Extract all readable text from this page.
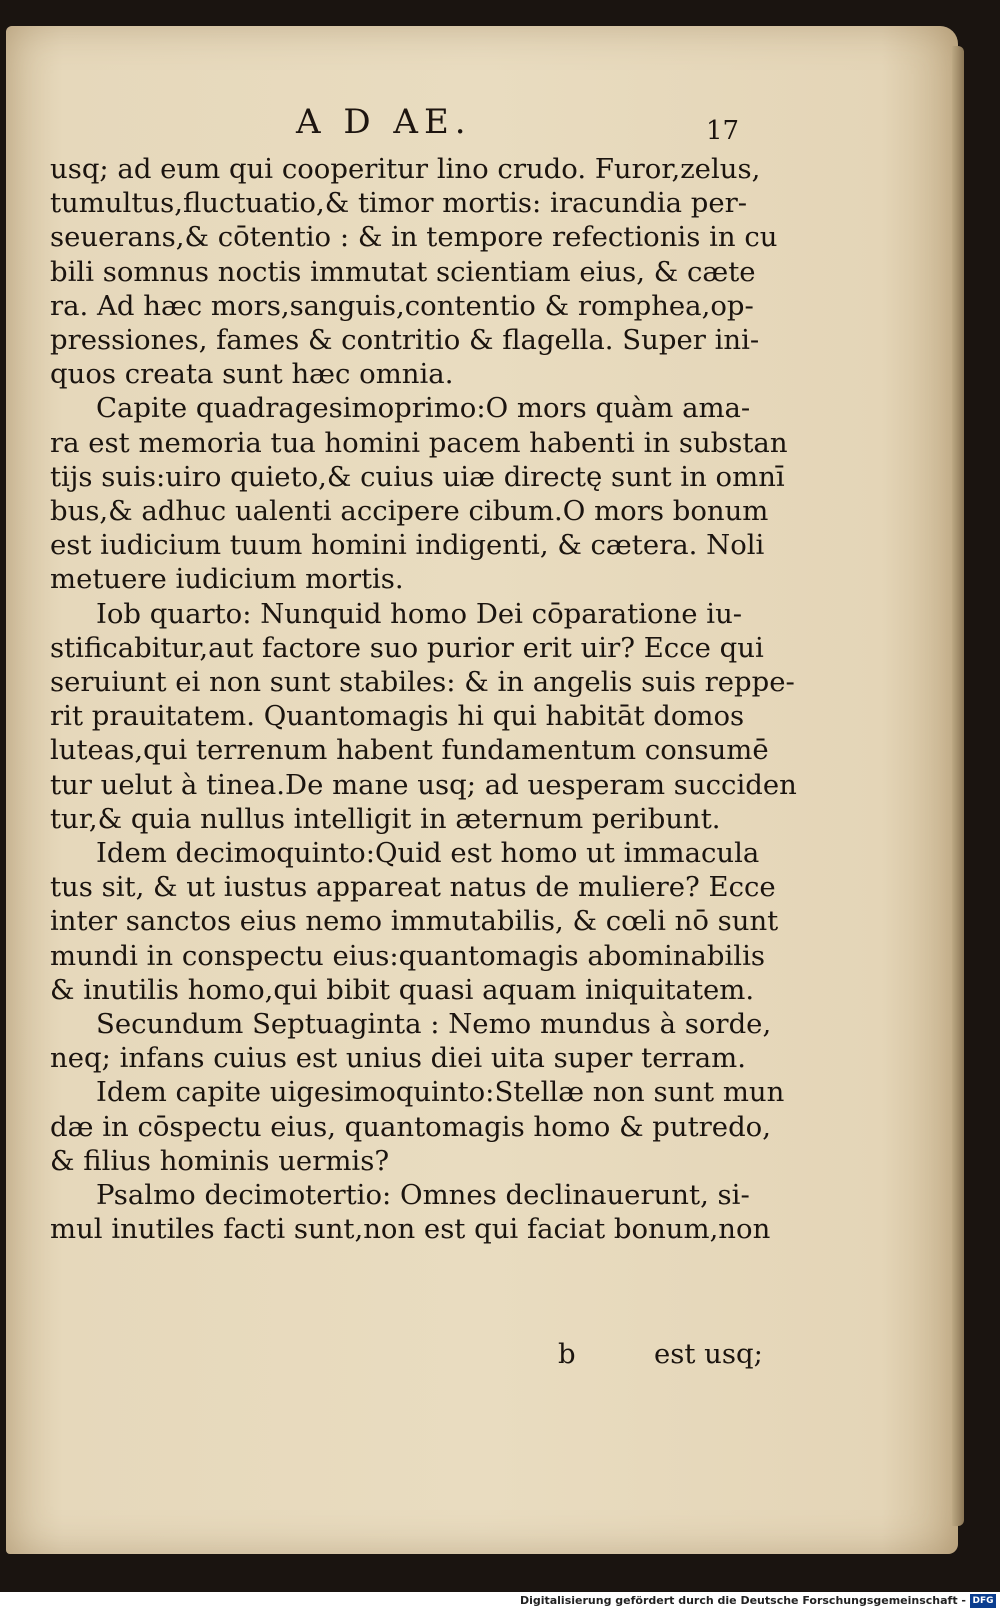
A D AE.	17
usq; ad eum qui cooperitur lino crudo. Furor,zelus,
tumultus,fluctuatio,& timor mortis: iracundia per-
seuerans,& cōtentio : & in tempore refectionis in cu
bili somnus noctis immutat scientiam eius, & cæte
ra. Ad hæc mors,sanguis,contentio & romphea,op-
pressiones, fames & contritio & flagella. Super ini-
quos creata sunt hæc omnia.
Capite quadragesimoprimo:O mors quàm ama-
ra est memoria tua homini pacem habenti in substan
tijs suis:uiro quieto,& cuius uiæ directę sunt in omnī
bus,& adhuc ualenti accipere cibum.O mors bonum
est iudicium tuum homini indigenti, & cætera. Noli
metuere iudicium mortis.
Iob quarto: Nunquid homo Dei cōparatione iu-
stificabitur,aut factore suo purior erit uir? Ecce qui
seruiunt ei non sunt stabiles: & in angelis suis reppe-
rit prauitatem. Quantomagis hi qui habitāt domos
luteas,qui terrenum habent fundamentum consumē
tur uelut à tinea.De mane usq; ad uesperam succiden
tur,& quia nullus intelligit in æternum peribunt.
Idem decimoquinto:Quid est homo ut immacula
tus sit, & ut iustus appareat natus de muliere? Ecce
inter sanctos eius nemo immutabilis, & cœli nō sunt
mundi in conspectu eius:quantomagis abominabilis
& inutilis homo,qui bibit quasi aquam iniquitatem.
Secundum Septuaginta : Nemo mundus à sorde,
neq; infans cuius est unius diei uita super terram.
Idem capite uigesimoquinto:Stellæ non sunt mun
dæ in cōspectu eius, quantomagis homo & putredo,
& filius hominis uermis?
Psalmo decimotertio: Omnes declinauerunt, si-
mul inutiles facti sunt,non est qui faciat bonum,non
b	est usq;
Digitalisierung gefördert durch die Deutsche Forschungsgemeinschaft - DFG
